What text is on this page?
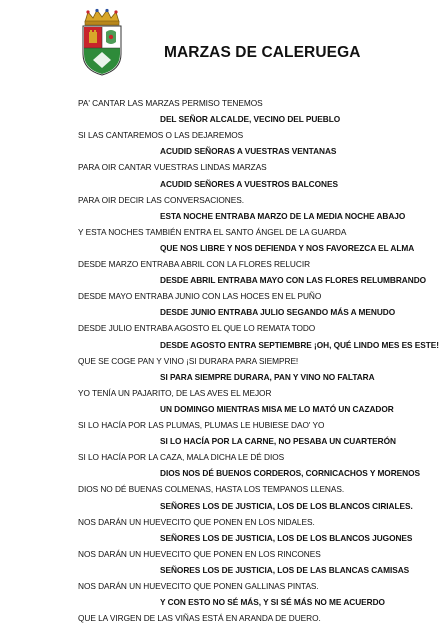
MARZAS DE CALERUEGA
PA' CANTAR LAS MARZAS PERMISO TENEMOS
DEL SEÑOR ALCALDE, VECINO DEL PUEBLO
SI LAS CANTAREMOS O LAS DEJAREMOS
ACUDID SEÑORAS A VUESTRAS VENTANAS
PARA OIR CANTAR VUESTRAS LINDAS MARZAS
ACUDID SEÑORES A VUESTROS BALCONES
PARA OIR DECIR LAS CONVERSACIONES.
ESTA NOCHE ENTRABA MARZO DE LA MEDIA NOCHE ABAJO
Y ESTA NOCHES TAMBIÉN ENTRA EL SANTO ÁNGEL DE LA GUARDA
QUE NOS LIBRE Y NOS DEFIENDA Y NOS FAVOREZCA EL ALMA
DESDE MARZO ENTRABA ABRIL CON LA FLORES RELUCIR
DESDE ABRIL ENTRABA MAYO CON LAS FLORES RELUMBRANDO
DESDE MAYO ENTRABA JUNIO CON LAS HOCES EN EL PUÑO
DESDE JUNIO ENTRABA JULIO SEGANDO MÁS A MENUDO
DESDE JULIO ENTRABA AGOSTO EL QUE LO REMATA TODO
DESDE AGOSTO ENTRA SEPTIEMBRE ¡OH, QUÉ LINDO MES ES ESTE!
QUE SE COGE PAN Y VINO ¡SI DURARA PARA SIEMPRE!
SI PARA SIEMPRE DURARA, PAN Y VINO NO FALTARA
YO TENÍA UN PAJARITO, DE LAS AVES EL MEJOR
UN DOMINGO MIENTRAS MISA ME LO MATÓ UN CAZADOR
SI LO HACÍA POR LAS PLUMAS, PLUMAS LE HUBIESE DAO' YO
SI LO HACÍA POR LA CARNE, NO PESABA UN CUARTERÓN
SI LO HACÍA POR LA CAZA, MALA DICHA LE DÉ DIOS
DIOS NOS DÉ BUENOS CORDEROS, CORNICACHOS Y MORENOS
DIOS NO DÉ BUENAS COLMENAS, HASTA LOS TEMPANOS LLENAS.
SEÑORES LOS DE JUSTICIA, LOS DE LOS BLANCOS CIRIALES.
NOS DARÁN UN HUEVECITO QUE PONEN EN LOS NIDALES.
SEÑORES LOS DE JUSTICIA, LOS DE LOS BLANCOS JUGONES
NOS DARÁN UN HUEVECITO QUE PONEN EN LOS RINCONES
SEÑORES LOS DE JUSTICIA, LOS DE LAS BLANCAS CAMISAS
NOS DARÁN UN HUEVECITO QUE PONEN GALLINAS PINTAS.
Y CON ESTO NO SÉ MÁS, Y SI SÉ MÁS NO ME ACUERDO
QUE LA VIRGEN DE LAS VIÑAS ESTÁ EN ARANDA DE DUERO.
